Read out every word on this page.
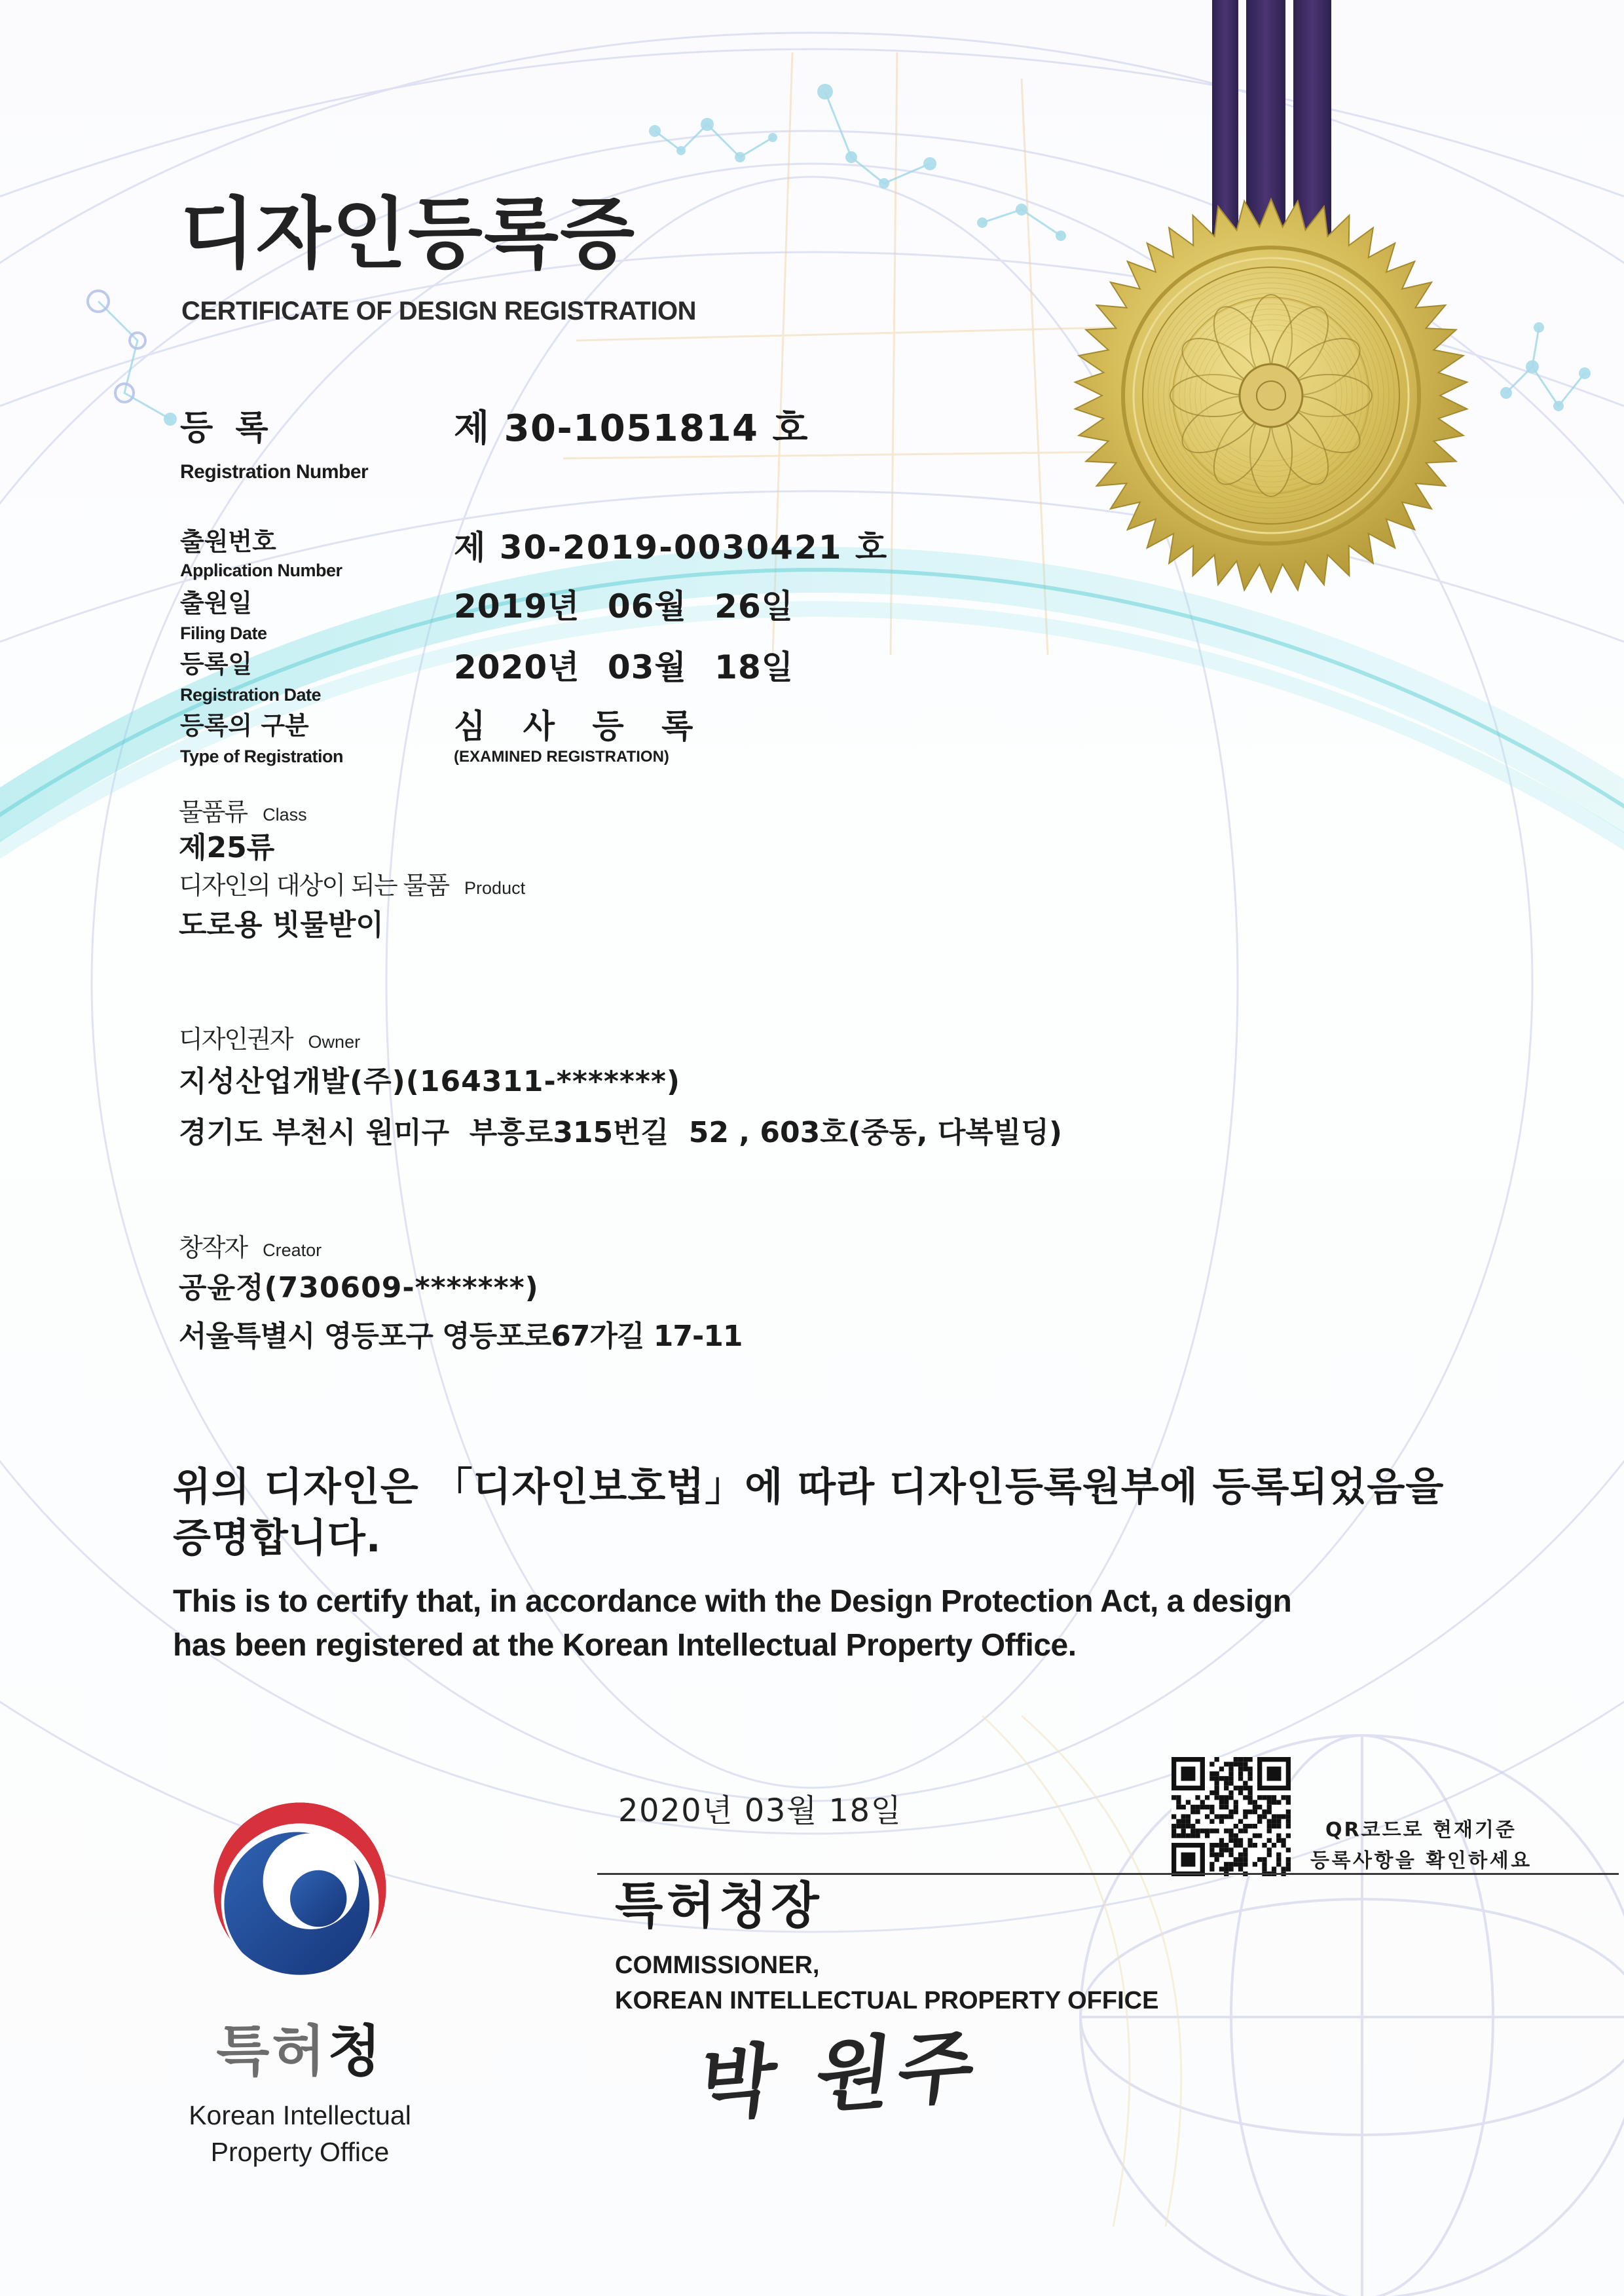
디자인등록증
CERTIFICATE OF DESIGN REGISTRATION
등 록
Registration Number
제 30-1051814 호
출원번호
Application Number
제 30-2019-0030421 호
출원일
Filing Date
2019년 06월 26일
등록일
Registration Date
2020년 03월 18일
등록의 구분
Type of Registration
심 사 등 록
(EXAMINED REGISTRATION)
물품류 Class
제25류
디자인의 대상이 되는 물품 Product
도로용 빗물받이
디자인권자 Owner
지성산업개발(주)(164311-*******)
경기도 부천시 원미구  부흥로315번길  52 , 603호(중동, 다복빌딩)
창작자 Creator
공윤정(730609-*******)
서울특별시 영등포구 영등포로67가길 17-11
위의 디자인은 「디자인보호법」에 따라 디자인등록원부에 등록되었음을
증명합니다.
This is to certify that, in accordance with the Design Protection Act, a design
has been registered at the Korean Intellectual Property Office.
2020년 03월 18일
QR코드로 현재기준
등록사항을 확인하세요
특허청장
COMMISSIONER,
KOREAN INTELLECTUAL PROPERTY OFFICE
박 원주
특허청
Korean Intellectual
Property Office
